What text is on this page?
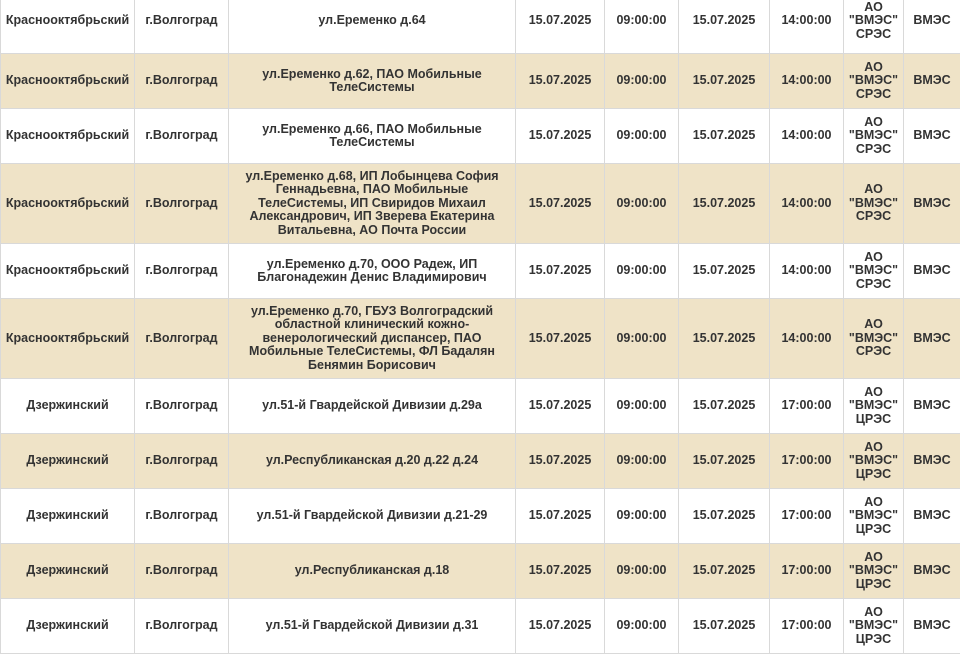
Краснооктябрьский	г.Волгоград	ул.Еременко д.64	15.07.2025	09:00:00	15.07.2025	14:00:00	АО "ВМЭС" СРЭС	ВМЭС
Краснооктябрьский	г.Волгоград	ул.Еременко д.62, ПАО Мобильные ТелеСистемы	15.07.2025	09:00:00	15.07.2025	14:00:00	АО "ВМЭС" СРЭС	ВМЭС
Краснооктябрьский	г.Волгоград	ул.Еременко д.66, ПАО Мобильные ТелеСистемы	15.07.2025	09:00:00	15.07.2025	14:00:00	АО "ВМЭС" СРЭС	ВМЭС
Краснооктябрьский	г.Волгоград	ул.Еременко д.68, ИП Лобынцева София Геннадьевна, ПАО Мобильные ТелеСистемы, ИП Свиридов Михаил Александрович, ИП Зверева Екатерина Витальевна, АО Почта России	15.07.2025	09:00:00	15.07.2025	14:00:00	АО "ВМЭС" СРЭС	ВМЭС
Краснооктябрьский	г.Волгоград	ул.Еременко д.70, ООО Радеж, ИП Благонадежин Денис Владимирович	15.07.2025	09:00:00	15.07.2025	14:00:00	АО "ВМЭС" СРЭС	ВМЭС
Краснооктябрьский	г.Волгоград	ул.Еременко д.70, ГБУЗ Волгоградский областной клинический кожно-венерологический диспансер, ПАО Мобильные ТелеСистемы, ФЛ Бадалян Бенямин Борисович	15.07.2025	09:00:00	15.07.2025	14:00:00	АО "ВМЭС" СРЭС	ВМЭС
Дзержинский	г.Волгоград	ул.51-й Гвардейской Дивизии д.29а	15.07.2025	09:00:00	15.07.2025	17:00:00	АО "ВМЭС" ЦРЭС	ВМЭС
Дзержинский	г.Волгоград	ул.Республиканская д.20 д.22 д.24	15.07.2025	09:00:00	15.07.2025	17:00:00	АО "ВМЭС" ЦРЭС	ВМЭС
Дзержинский	г.Волгоград	ул.51-й Гвардейской Дивизии д.21-29	15.07.2025	09:00:00	15.07.2025	17:00:00	АО "ВМЭС" ЦРЭС	ВМЭС
Дзержинский	г.Волгоград	ул.Республиканская д.18	15.07.2025	09:00:00	15.07.2025	17:00:00	АО "ВМЭС" ЦРЭС	ВМЭС
Дзержинский	г.Волгоград	ул.51-й Гвардейской Дивизии д.31	15.07.2025	09:00:00	15.07.2025	17:00:00	АО "ВМЭС" ЦРЭС	ВМЭС
